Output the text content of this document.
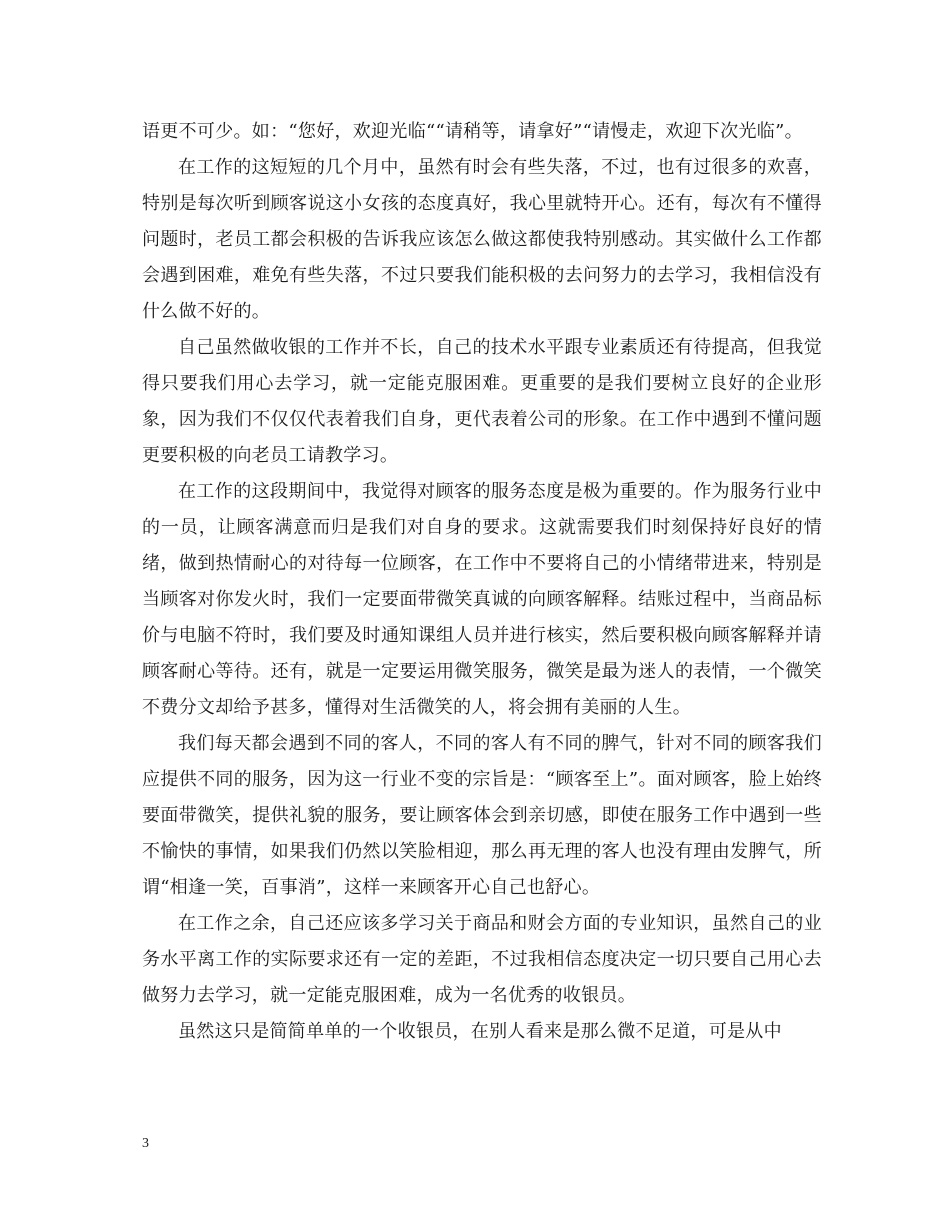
语更不可少。如：“您好，欢迎光临““请稍等，请拿好”“请慢走，欢迎下次光临”。

在工作的这短短的几个月中，虽然有时会有些失落，不过，也有过很多的欢喜，特别是每次听到顾客说这小女孩的态度真好，我心里就特开心。还有，每次有不懂得问题时，老员工都会积极的告诉我应该怎么做这都使我特别感动。其实做什么工作都会遇到困难，难免有些失落，不过只要我们能积极的去问努力的去学习，我相信没有什么做不好的。

自己虽然做收银的工作并不长，自己的技术水平跟专业素质还有待提高，但我觉得只要我们用心去学习，就一定能克服困难。更重要的是我们要树立良好的企业形象，因为我们不仅仅代表着我们自身，更代表着公司的形象。在工作中遇到不懂问题更要积极的向老员工请教学习。

在工作的这段期间中，我觉得对顾客的服务态度是极为重要的。作为服务行业中的一员，让顾客满意而归是我们对自身的要求。这就需要我们时刻保持好良好的情绪，做到热情耐心的对待每一位顾客，在工作中不要将自己的小情绪带进来，特别是当顾客对你发火时，我们一定要面带微笑真诚的向顾客解释。结账过程中，当商品标价与电脑不符时，我们要及时通知课组人员并进行核实，然后要积极向顾客解释并请顾客耐心等待。还有，就是一定要运用微笑服务，微笑是最为迷人的表情，一个微笑不费分文却给予甚多，懂得对生活微笑的人，将会拥有美丽的人生。

我们每天都会遇到不同的客人，不同的客人有不同的脾气，针对不同的顾客我们应提供不同的服务，因为这一行业不变的宗旨是：“顾客至上”。面对顾客，脸上始终要面带微笑，提供礼貌的服务，要让顾客体会到亲切感，即使在服务工作中遇到一些不愉快的事情，如果我们仍然以笑脸相迎，那么再无理的客人也没有理由发脾气，所谓“相逢一笑，百事消”，这样一来顾客开心自己也舒心。

在工作之余，自己还应该多学习关于商品和财会方面的专业知识，虽然自己的业务水平离工作的实际要求还有一定的差距，不过我相信态度决定一切只要自己用心去做努力去学习，就一定能克服困难，成为一名优秀的收银员。

虽然这只是简简单单的一个收银员，在别人看来是那么微不足道，可是从中

3
